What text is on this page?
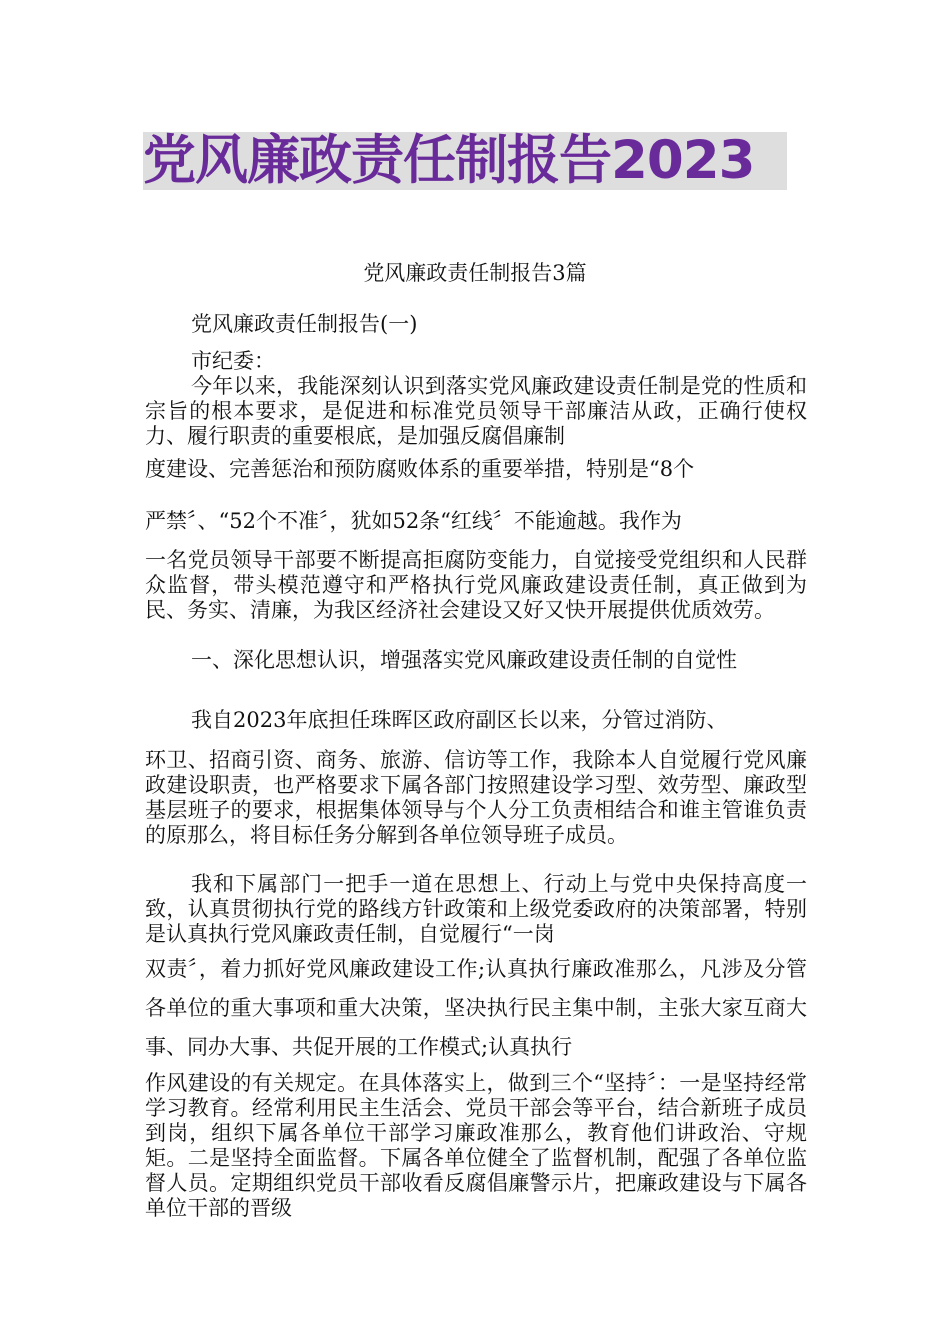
党风廉政责任制报告2023
党风廉政责任制报告3篇
党风廉政责任制报告(一)
市纪委：
今年以来，我能深刻认识到落实党风廉政建设责任制是党的性质和宗旨的根本要求，是促进和标准党员领导干部廉洁从政，正确行使权力、履行职责的重要根底，是加强反腐倡廉制
度建设、完善惩治和预防腐败体系的重要举措，特别是“8个
严禁〞、“52个不准〞，犹如52条“红线〞不能逾越。我作为
一名党员领导干部要不断提高拒腐防变能力，自觉接受党组织和人民群众监督，带头模范遵守和严格执行党风廉政建设责任制，真正做到为民、务实、清廉，为我区经济社会建设又好又快开展提供优质效劳。
一、深化思想认识，增强落实党风廉政建设责任制的自觉性
我自2023年底担任珠晖区政府副区长以来，分管过消防、
环卫、招商引资、商务、旅游、信访等工作，我除本人自觉履行党风廉政建设职责，也严格要求下属各部门按照建设学习型、效劳型、廉政型基层班子的要求，根据集体领导与个人分工负责相结合和谁主管谁负责的原那么，将目标任务分解到各单位领导班子成员。
我和下属部门一把手一道在思想上、行动上与党中央保持高度一致，认真贯彻执行党的路线方针政策和上级党委政府的决策部署，特别是认真执行党风廉政责任制，自觉履行“一岗
双责〞，着力抓好党风廉政建设工作;认真执行廉政准那么，凡涉及分管各单位的重大事项和重大决策，坚决执行民主集中制，主张大家互商大事、同办大事、共促开展的工作模式;认真执行
作风建设的有关规定。在具体落实上，做到三个“坚持〞：一是坚持经常学习教育。经常利用民主生活会、党员干部会等平台，结合新班子成员到岗，组织下属各单位干部学习廉政准那么，教育他们讲政治、守规矩。二是坚持全面监督。下属各单位健全了监督机制，配强了各单位监督人员。定期组织党员干部收看反腐倡廉警示片，把廉政建设与下属各单位干部的晋级
